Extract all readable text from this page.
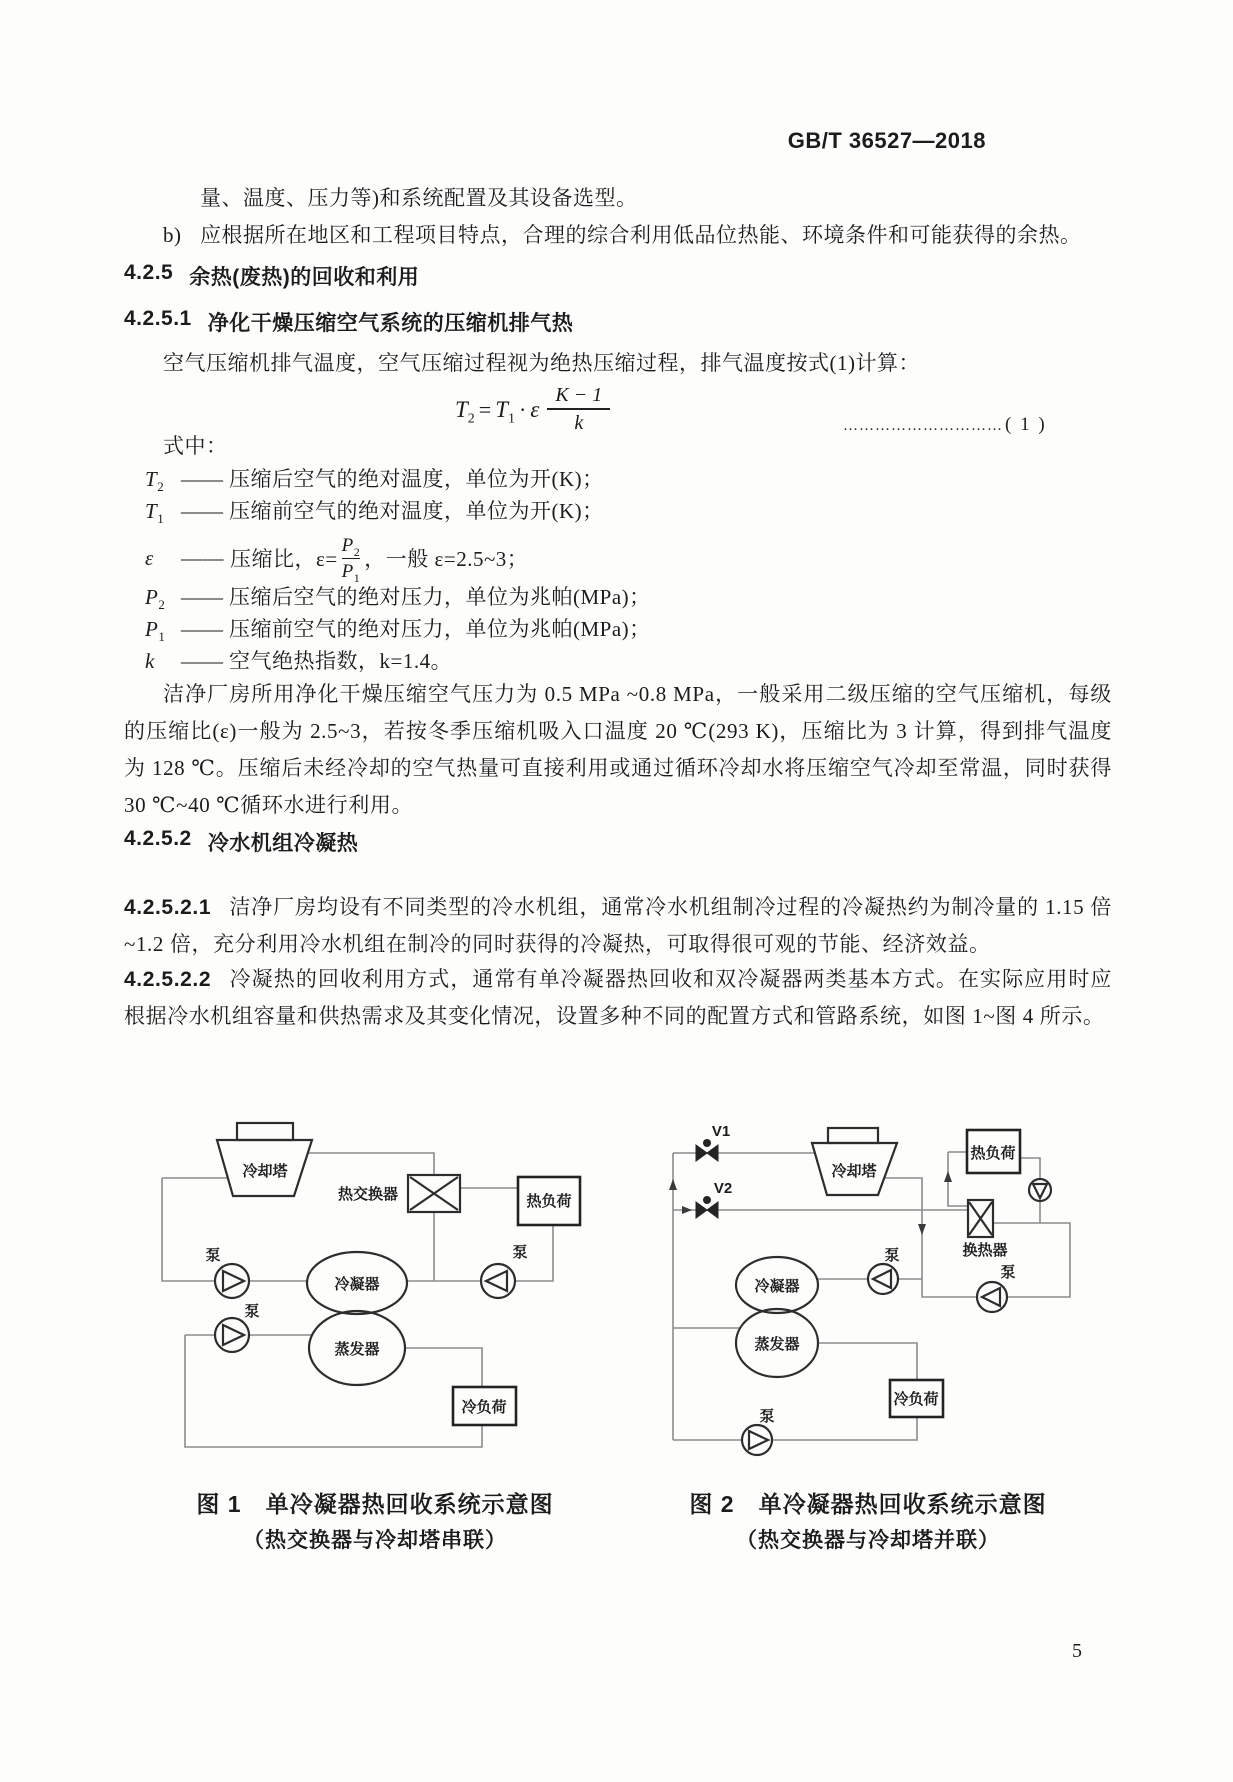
GB/T 36527—2018
量、温度、压力等)和系统配置及其设备选型。
b) 应根据所在地区和工程项目特点，合理的综合利用低品位热能、环境条件和可能获得的余热。
4.2.5 余热(废热)的回收和利用
4.2.5.1 净化干燥压缩空气系统的压缩机排气热
空气压缩机排气温度，空气压缩过程视为绝热压缩过程，排气温度按式(1)计算：
$T_2 = T_1 \cdot \varepsilon \frac{K - 1}{k}$	………………………… ( 1 )
式中：
$T_2$ —— 压缩后空气的绝对温度，单位为开(K)；
$T_1$ —— 压缩前空气的绝对温度，单位为开(K)；
ε	—— 压缩比，$\varepsilon= \frac{P_2}{P_1}$ ，一般 ε=2.5~3；
$P_2$ —— 压缩后空气的绝对压力，单位为兆帕(MPa)；
$P_1$ —— 压缩前空气的绝对压力，单位为兆帕(MPa)；
k	—— 空气绝热指数，k=1.4。
洁净厂房所用净化干燥压缩空气压力为 0.5 MPa ~0.8 MPa，一般采用二级压缩的空气压缩机，每级的压缩比(ε)一般为 2.5~3，若按冬季压缩机吸入口温度 20 ℃(293 K)，压缩比为 3 计算，得到排气温度为 128 ℃。压缩后未经冷却的空气热量可直接利用或通过循环冷却水将压缩空气冷却至常温，同时获得 30 ℃~40 ℃循环水进行利用。
4.2.5.2 冷水机组冷凝热
4.2.5.2.1 洁净厂房均设有不同类型的冷水机组，通常冷水机组制冷过程的冷凝热约为制冷量的 1.15 倍~1.2 倍，充分利用冷水机组在制冷的同时获得的冷凝热，可取得很可观的节能、经济效益。
4.2.5.2.2 冷凝热的回收利用方式，通常有单冷凝器热回收和双冷凝器两类基本方式。在实际应用时应根据冷水机组容量和供热需求及其变化情况，设置多种不同的配置方式和管路系统，如图 1~图 4 所示。
冷却塔
热交换器	热负荷
泵
泵
泵
冷凝器
蒸发器
冷负荷
图 1　单冷凝器热回收系统示意图
（热交换器与冷却塔串联）
V1
V2
冷却塔
热负荷
换热器
泵
泵
冷凝器
蒸发器
冷负荷
泵
图 2　单冷凝器热回收系统示意图
（热交换器与冷却塔并联）
5
